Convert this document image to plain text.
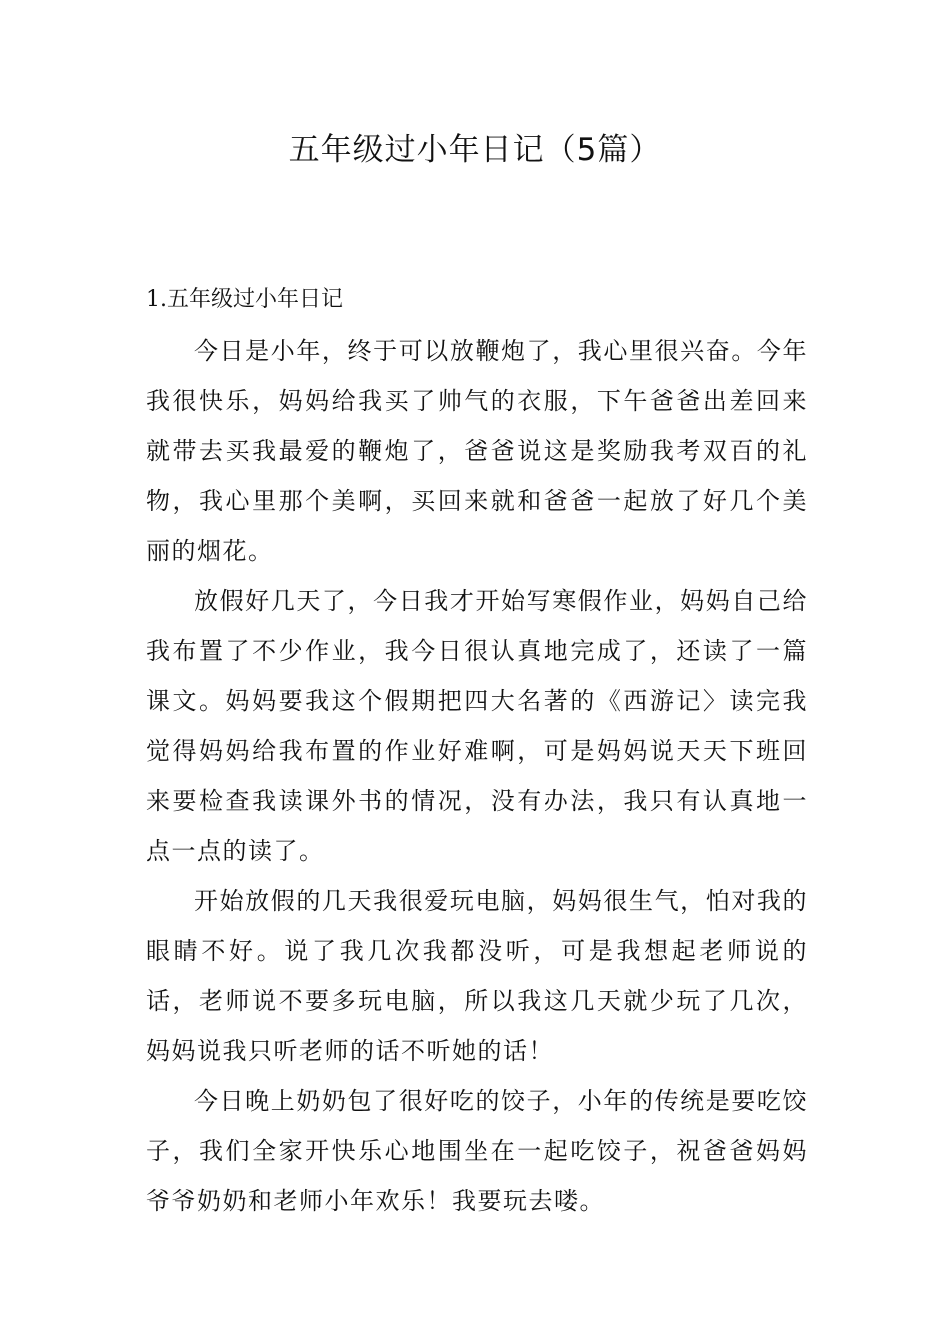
五年级过小年日记（5篇）
1.五年级过小年日记

今日是小年，终于可以放鞭炮了，我心里很兴奋。今年我很快乐，妈妈给我买了帅气的衣服，下午爸爸出差回来就带去买我最爱的鞭炮了，爸爸说这是奖励我考双百的礼物，我心里那个美啊，买回来就和爸爸一起放了好几个美丽的烟花。

放假好几天了，今日我才开始写寒假作业，妈妈自己给我布置了不少作业，我今日很认真地完成了，还读了一篇课文。妈妈要我这个假期把四大名著的《西游记〉读完我觉得妈妈给我布置的作业好难啊，可是妈妈说天天下班回来要检查我读课外书的情况，没有办法，我只有认真地一点一点的读了。

开始放假的几天我很爱玩电脑，妈妈很生气，怕对我的眼睛不好。说了我几次我都没听，可是我想起老师说的话，老师说不要多玩电脑，所以我这几天就少玩了几次，妈妈说我只听老师的话不听她的话！

今日晚上奶奶包了很好吃的饺子，小年的传统是要吃饺子，我们全家开快乐心地围坐在一起吃饺子，祝爸爸妈妈爷爷奶奶和老师小年欢乐！我要玩去喽。
